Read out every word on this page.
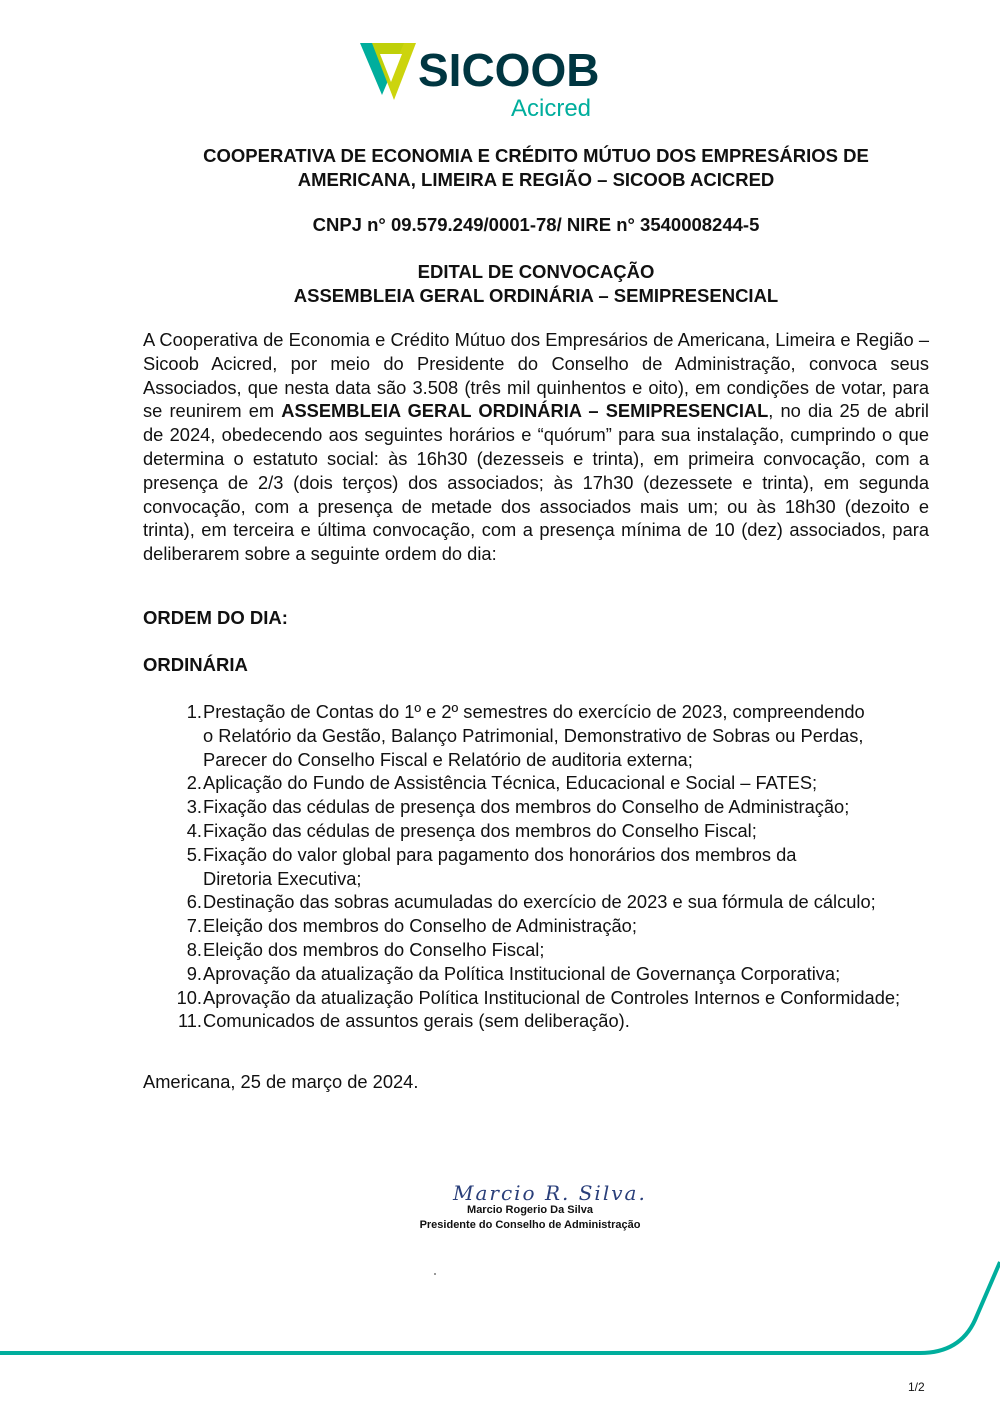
SICOOB
Acicred

COOPERATIVA DE ECONOMIA E CRÉDITO MÚTUO DOS EMPRESÁRIOS DE

AMERICANA, LIMEIRA E REGIÃO – SICOOB ACICRED

CNPJ n° 09.579.249/0001-78/ NIRE n° 3540008244-5

EDITAL DE CONVOCAÇÃO

ASSEMBLEIA GERAL ORDINÁRIA – SEMIPRESENCIAL

A Cooperativa de Economia e Crédito Mútuo dos Empresários de Americana, Limeira e Região – Sicoob Acicred, por meio do Presidente do Conselho de Administração, convoca seus Associados, que nesta data são 3.508 (três mil quinhentos e oito), em condições de votar, para se reunirem em ASSEMBLEIA GERAL ORDINÁRIA – SEMIPRESENCIAL, no dia 25 de abril de 2024, obedecendo aos seguintes horários e “quórum” para sua instalação, cumprindo o que determina o estatuto social: às 16h30 (dezesseis e trinta), em primeira convocação, com a presença de 2/3 (dois terços) dos associados; às 17h30 (dezessete e trinta), em segunda convocação, com a presença de metade dos associados mais um; ou às 18h30 (dezoito e trinta), em terceira e última convocação, com a presença mínima de 10 (dez) associados, para deliberarem sobre a seguinte ordem do dia:

ORDEM DO DIA:

ORDINÁRIA

1. Prestação de Contas do 1º e 2º semestres do exercício de 2023, compreendendo
o Relatório da Gestão, Balanço Patrimonial, Demonstrativo de Sobras ou Perdas,
Parecer do Conselho Fiscal e Relatório de auditoria externa;
2. Aplicação do Fundo de Assistência Técnica, Educacional e Social – FATES;
3. Fixação das cédulas de presença dos membros do Conselho de Administração;
4. Fixação das cédulas de presença dos membros do Conselho Fiscal;
5. Fixação do valor global para pagamento dos honorários dos membros da
Diretoria Executiva;
6. Destinação das sobras acumuladas do exercício de 2023 e sua fórmula de cálculo;
7. Eleição dos membros do Conselho de Administração;
8. Eleição dos membros do Conselho Fiscal;
9. Aprovação da atualização da Política Institucional de Governança Corporativa;
10. Aprovação da atualização Política Institucional de Controles Internos e Conformidade;
11. Comunicados de assuntos gerais (sem deliberação).

Americana, 25 de março de 2024.

Marcio R. Silva.

Marcio Rogerio Da Silva

Presidente do Conselho de Administração

1/2
